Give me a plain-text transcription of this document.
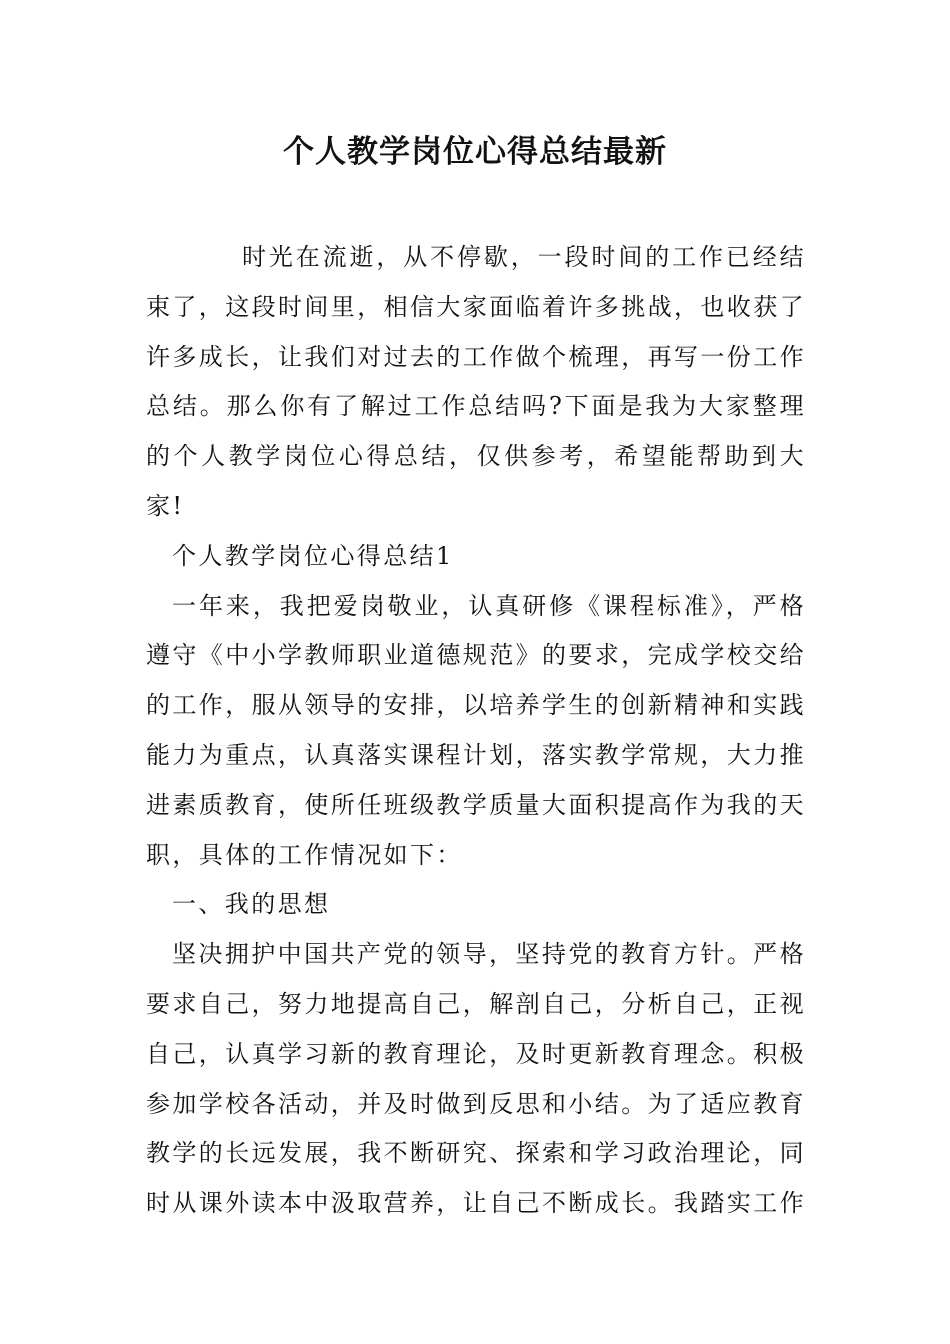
个人教学岗位心得总结最新

时光在流逝，从不停歇，一段时间的工作已经结束了，这段时间里，相信大家面临着许多挑战，也收获了许多成长，让我们对过去的工作做个梳理，再写一份工作总结。那么你有了解过工作总结吗?下面是我为大家整理的个人教学岗位心得总结，仅供参考，希望能帮助到大家!

个人教学岗位心得总结1

一年来，我把爱岗敬业，认真研修《课程标准》，严格遵守《中小学教师职业道德规范》的要求，完成学校交给的工作，服从领导的安排，以培养学生的创新精神和实践能力为重点，认真落实课程计划，落实教学常规，大力推进素质教育，使所任班级教学质量大面积提高作为我的天职，具体的工作情况如下：

一、我的思想

坚决拥护中国共产党的领导，坚持党的教育方针。严格要求自己，努力地提高自己，解剖自己，分析自己，正视自己，认真学习新的教育理论，及时更新教育理念。积极参加学校各活动，并及时做到反思和小结。为了适应教育教学的长远发展，我不断研究、探索和学习政治理论，同时从课外读本中汲取营养，让自己不断成长。我踏实工作
